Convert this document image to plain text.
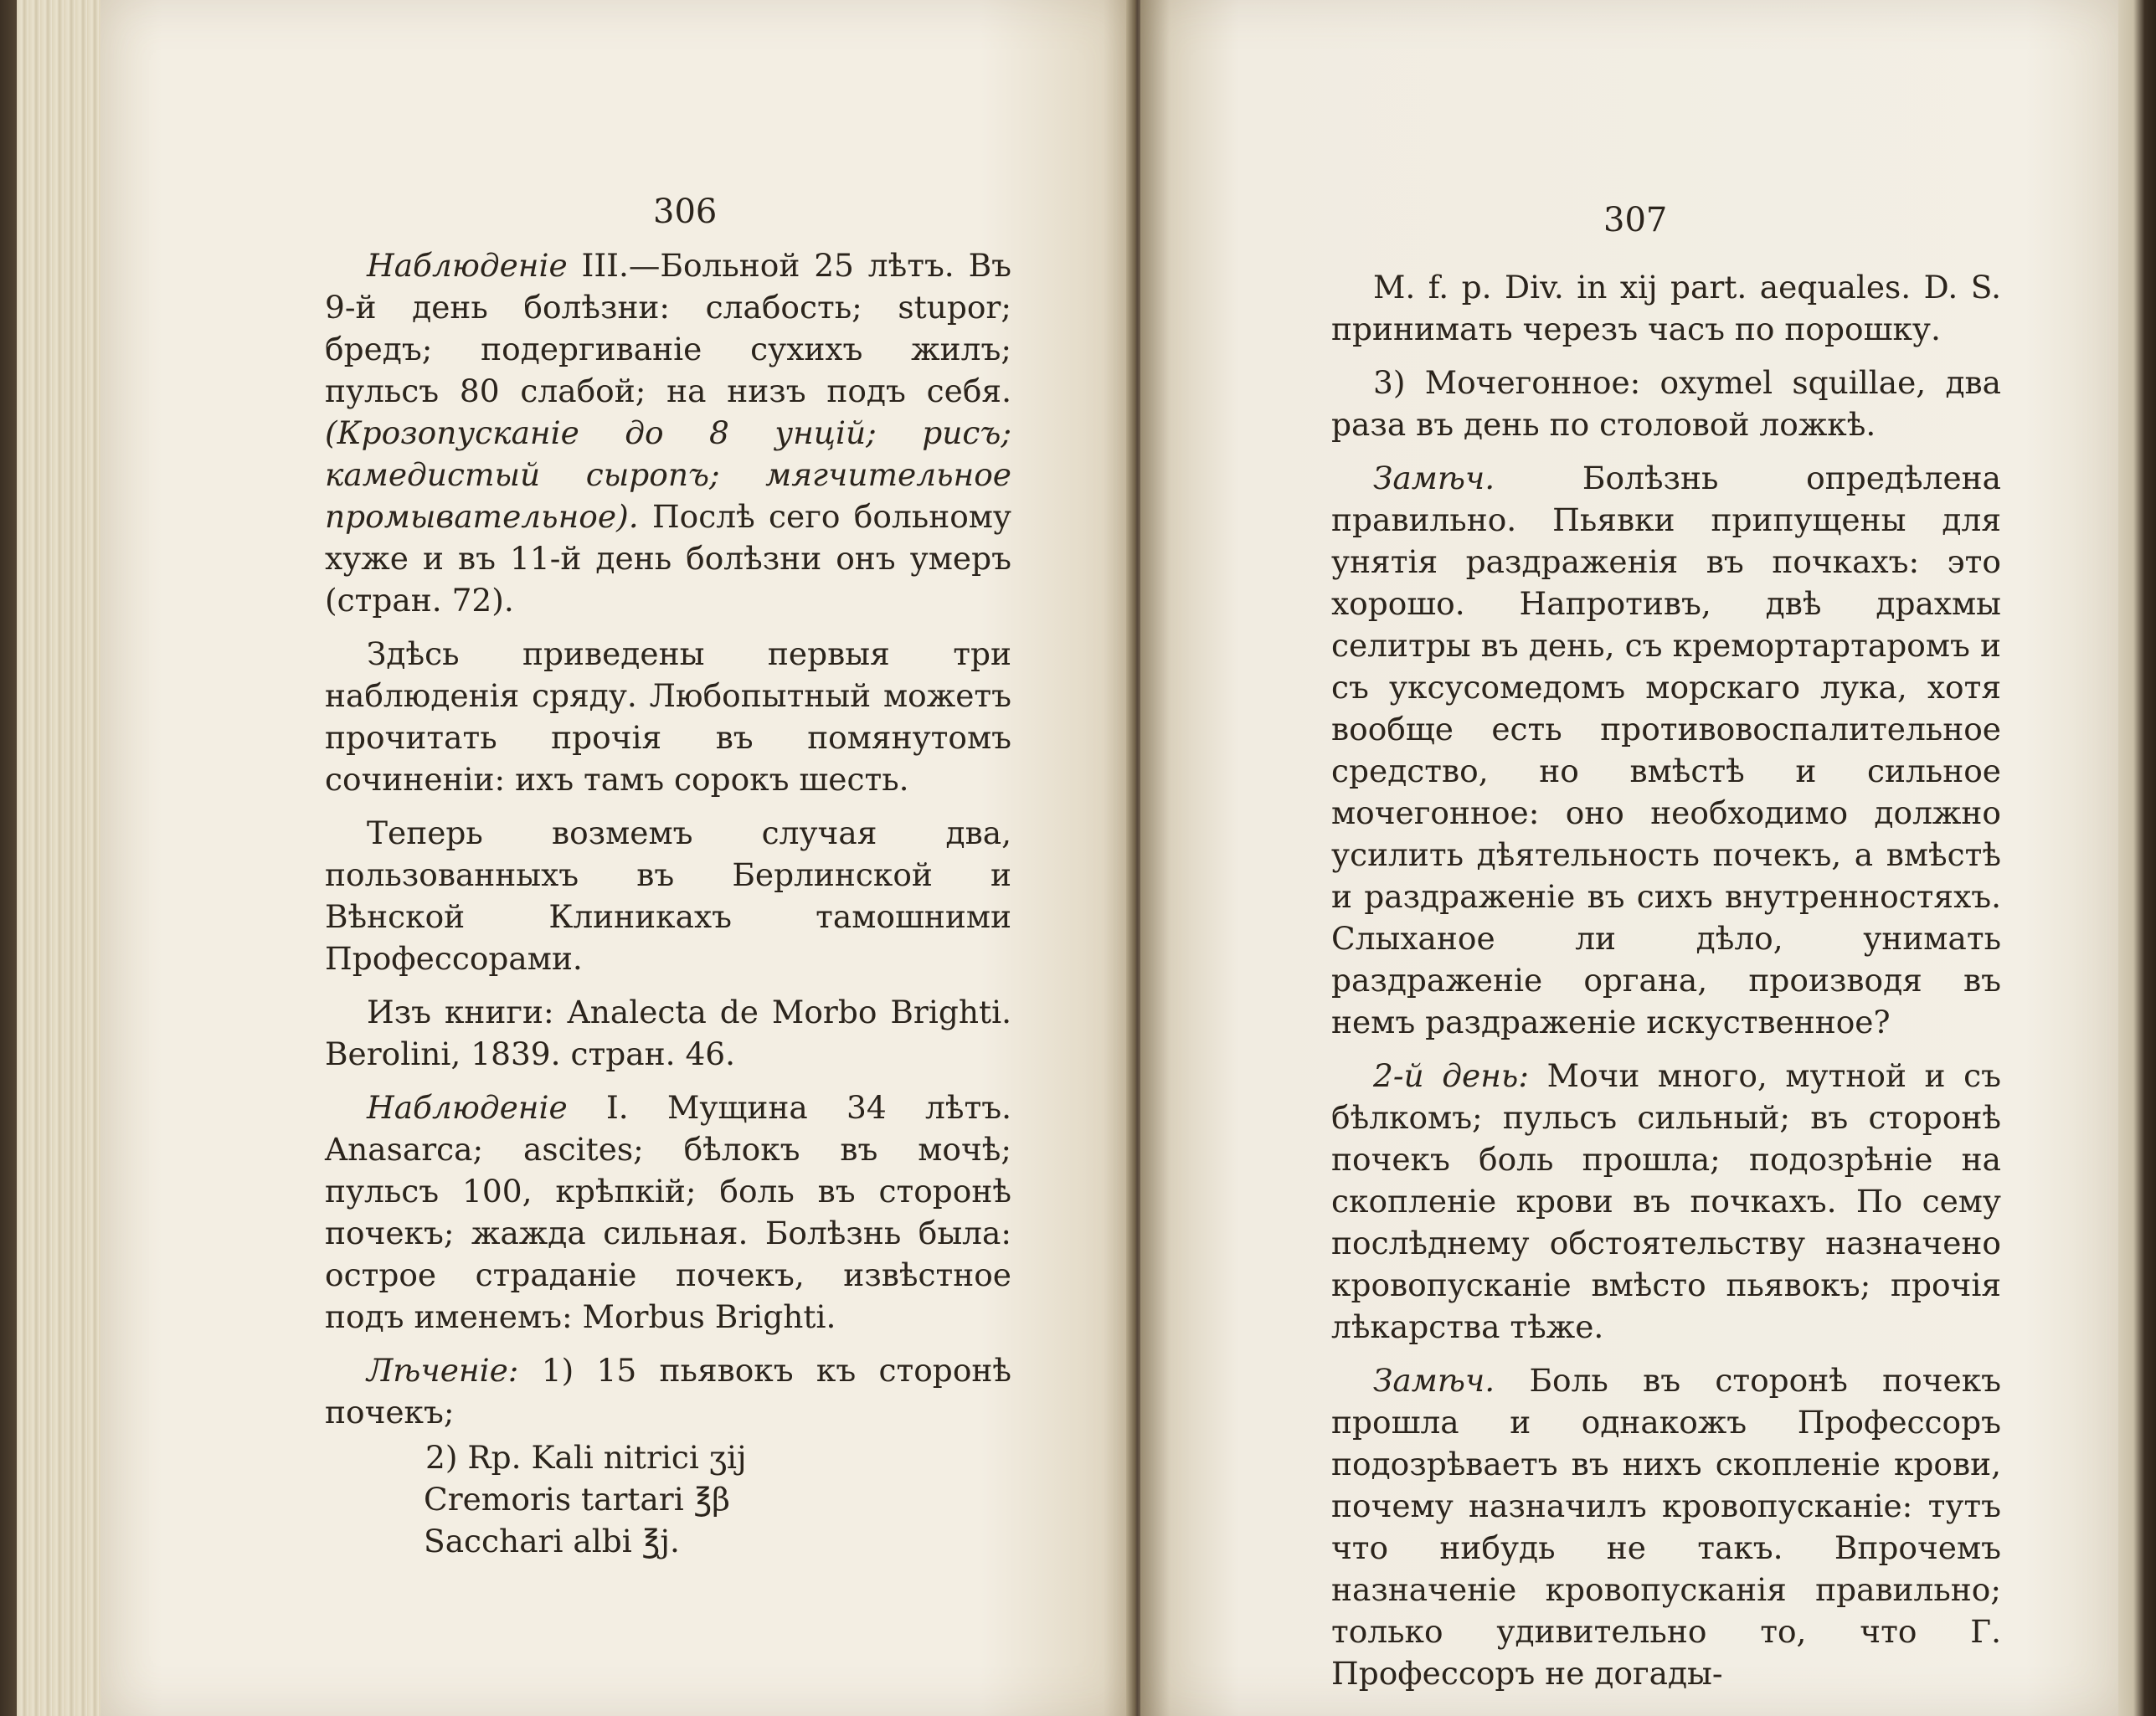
306

Наблюденіе III.—Больной 25 лѣтъ. Въ 9-й день болѣзни: слабость; stupor; бредъ; подергиваніе сухихъ жилъ; пульсъ 80 слабой; на низъ подъ себя. (Крозопусканіе до 8 унцій; рисъ; камедистый сыропъ; мягчительное промывательное). Послѣ сего больному хуже и въ 11-й день болѣзни онъ умеръ (стран. 72).

Здѣсь приведены первыя три наблюденія сряду. Любопытный можетъ прочитать прочія въ помянутомъ сочиненіи: ихъ тамъ сорокъ шесть.

Теперь возмемъ случая два, пользованныхъ въ Берлинской и Вѣнской Клиникахъ тамошними Профессорами.

Изъ книги: Analecta de Morbo Brighti. Berolini, 1839. стран. 46.

Наблюденіе I. Мущина 34 лѣтъ. Anasarca; ascites; бѣлокъ въ мочѣ; пульсъ 100, крѣпкій; боль въ сторонѣ почекъ; жажда сильная. Болѣзнь была: острое страданіе почекъ, извѣстное подъ именемъ: Morbus Brighti.

Лѣченіе: 1) 15 пьявокъ къ сторонѣ почекъ;

2) Rp. Kali nitrici ʒij

Cremoris tartari ℥β

Sacchari albi ℥j.

307

M. f. p. Div. in xij part. aequales. D. S. принимать черезъ часъ по порошку.

3) Мочегонное: oxymel squillae, два раза въ день по столовой ложкѣ.

Замѣч. Болѣзнь опредѣлена правильно. Пьявки припущены для унятія раздраженія въ почкахъ: это хорошо. Напротивъ, двѣ драхмы селитры въ день, съ кремортартаромъ и съ уксусомедомъ морскаго лука, хотя вообще есть противовоспалительное средство, но вмѣстѣ и сильное мочегонное: оно необходимо должно усилить дѣятельность почекъ, а вмѣстѣ и раздраженіе въ сихъ внутренностяхъ. Слыханое ли дѣло, унимать раздраженіе органа, производя въ немъ раздраженіе искуственное?

2-й день: Мочи много, мутной и съ бѣлкомъ; пульсъ сильный; въ сторонѣ почекъ боль прошла; подозрѣніе на скопленіе крови въ почкахъ. По сему послѣднему обстоятельству назначено кровопусканіе вмѣсто пьявокъ; прочія лѣкарства тѣже.

Замѣч. Боль въ сторонѣ почекъ прошла и однакожъ Профессоръ подозрѣваетъ въ нихъ скопленіе крови, почему назначилъ кровопусканіе: тутъ что нибудь не такъ. Впрочемъ назначеніе кровопусканія правильно; только удивительно то, что Г. Профессоръ не догады-
